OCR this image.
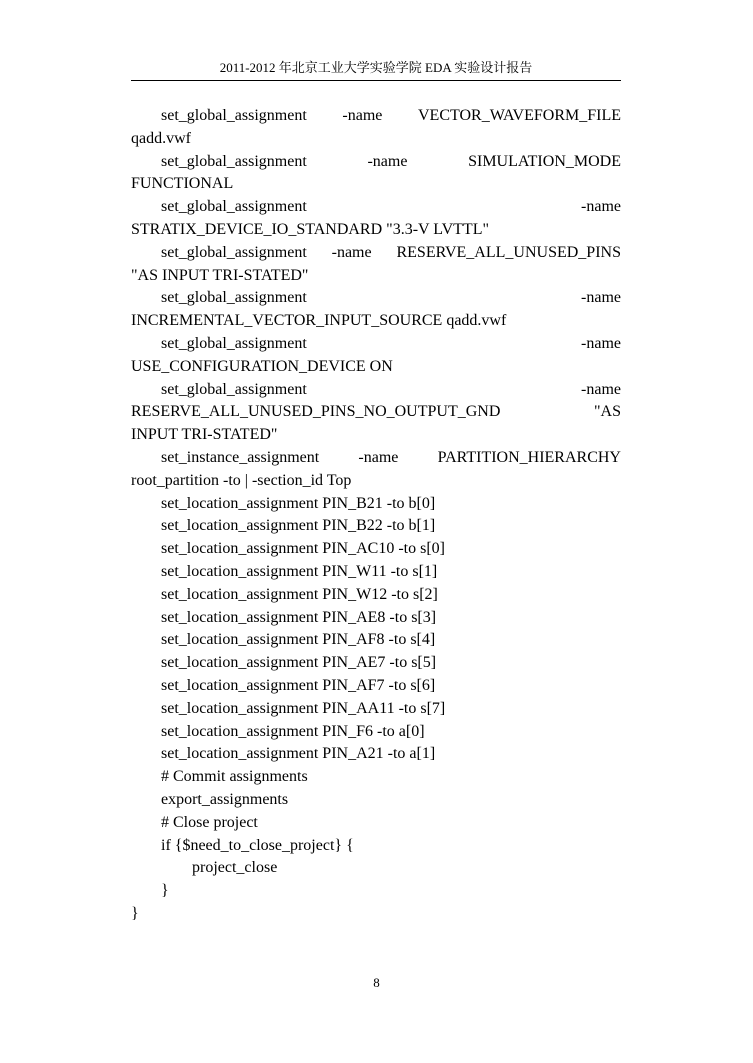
2011-2012 年北京工业大学实验学院 EDA 实验设计报告
set_global_assignment -name VECTOR_WAVEFORM_FILE
qadd.vwf
set_global_assignment	-name	SIMULATION_MODE
FUNCTIONAL
set_global_assignment	-name
STRATIX_DEVICE_IO_STANDARD "3.3-V LVTTL"
set_global_assignment -name RESERVE_ALL_UNUSED_PINS
"AS INPUT TRI-STATED"
set_global_assignment	-name
INCREMENTAL_VECTOR_INPUT_SOURCE qadd.vwf
set_global_assignment	-name
USE_CONFIGURATION_DEVICE ON
set_global_assignment	-name
RESERVE_ALL_UNUSED_PINS_NO_OUTPUT_GND	"AS
INPUT TRI-STATED"
set_instance_assignment -name PARTITION_HIERARCHY
root_partition -to | -section_id Top
set_location_assignment PIN_B21 -to b[0]
set_location_assignment PIN_B22 -to b[1]
set_location_assignment PIN_AC10 -to s[0]
set_location_assignment PIN_W11 -to s[1]
set_location_assignment PIN_W12 -to s[2]
set_location_assignment PIN_AE8 -to s[3]
set_location_assignment PIN_AF8 -to s[4]
set_location_assignment PIN_AE7 -to s[5]
set_location_assignment PIN_AF7 -to s[6]
set_location_assignment PIN_AA11 -to s[7]
set_location_assignment PIN_F6 -to a[0]
set_location_assignment PIN_A21 -to a[1]
# Commit assignments
export_assignments
# Close project
if {$need_to_close_project} {
project_close
}
}
8
